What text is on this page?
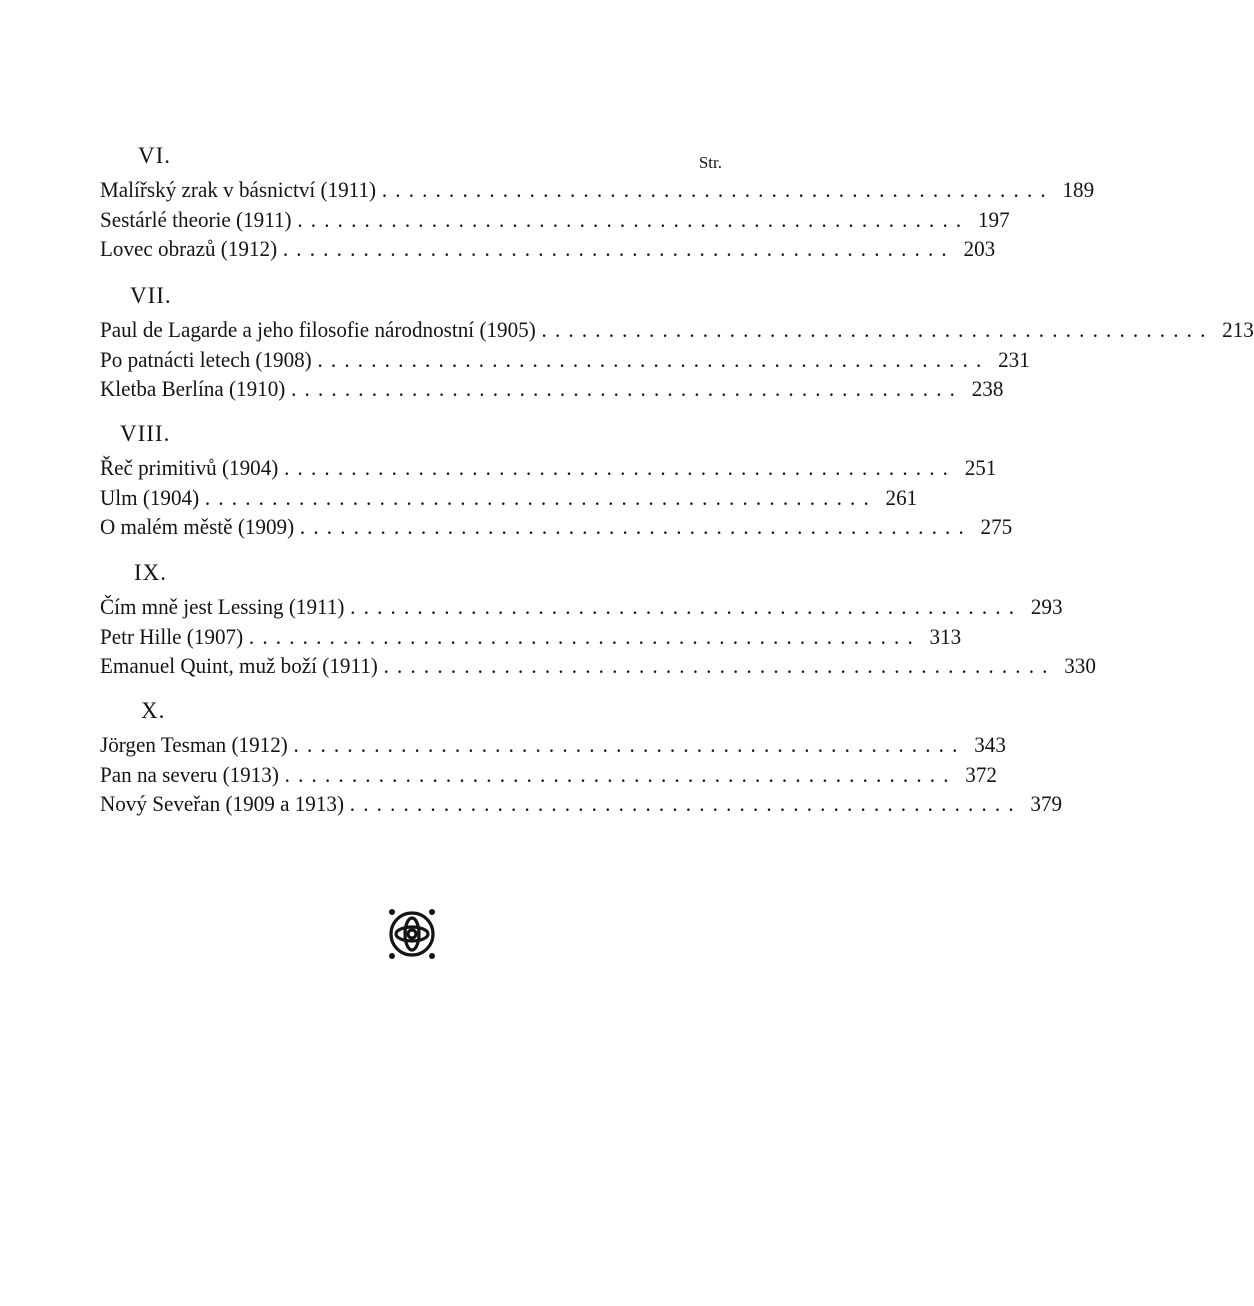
VI.	Str.
Malířský zrak v básnictví (1911) .................................................. 189
Sestárlé theorie (1911) .................................................. 197
Lovec obrazů (1912) .................................................. 203
VII.
Paul de Lagarde a jeho filosofie národnostní (1905) .................................................. 213
Po patnácti letech (1908) .................................................. 231
Kletba Berlína (1910) .................................................. 238
VIII.
Řeč primitivů (1904) .................................................. 251
Ulm (1904) .................................................. 261
O malém městě (1909) .................................................. 275
IX.
Čím mně jest Lessing (1911) .................................................. 293
Petr Hille (1907) .................................................. 313
Emanuel Quint, muž boží (1911) .................................................. 330
X.
Jörgen Tesman (1912) .................................................. 343
Pan na severu (1913) .................................................. 372
Nový Seveřan (1909 a 1913) .................................................. 379
